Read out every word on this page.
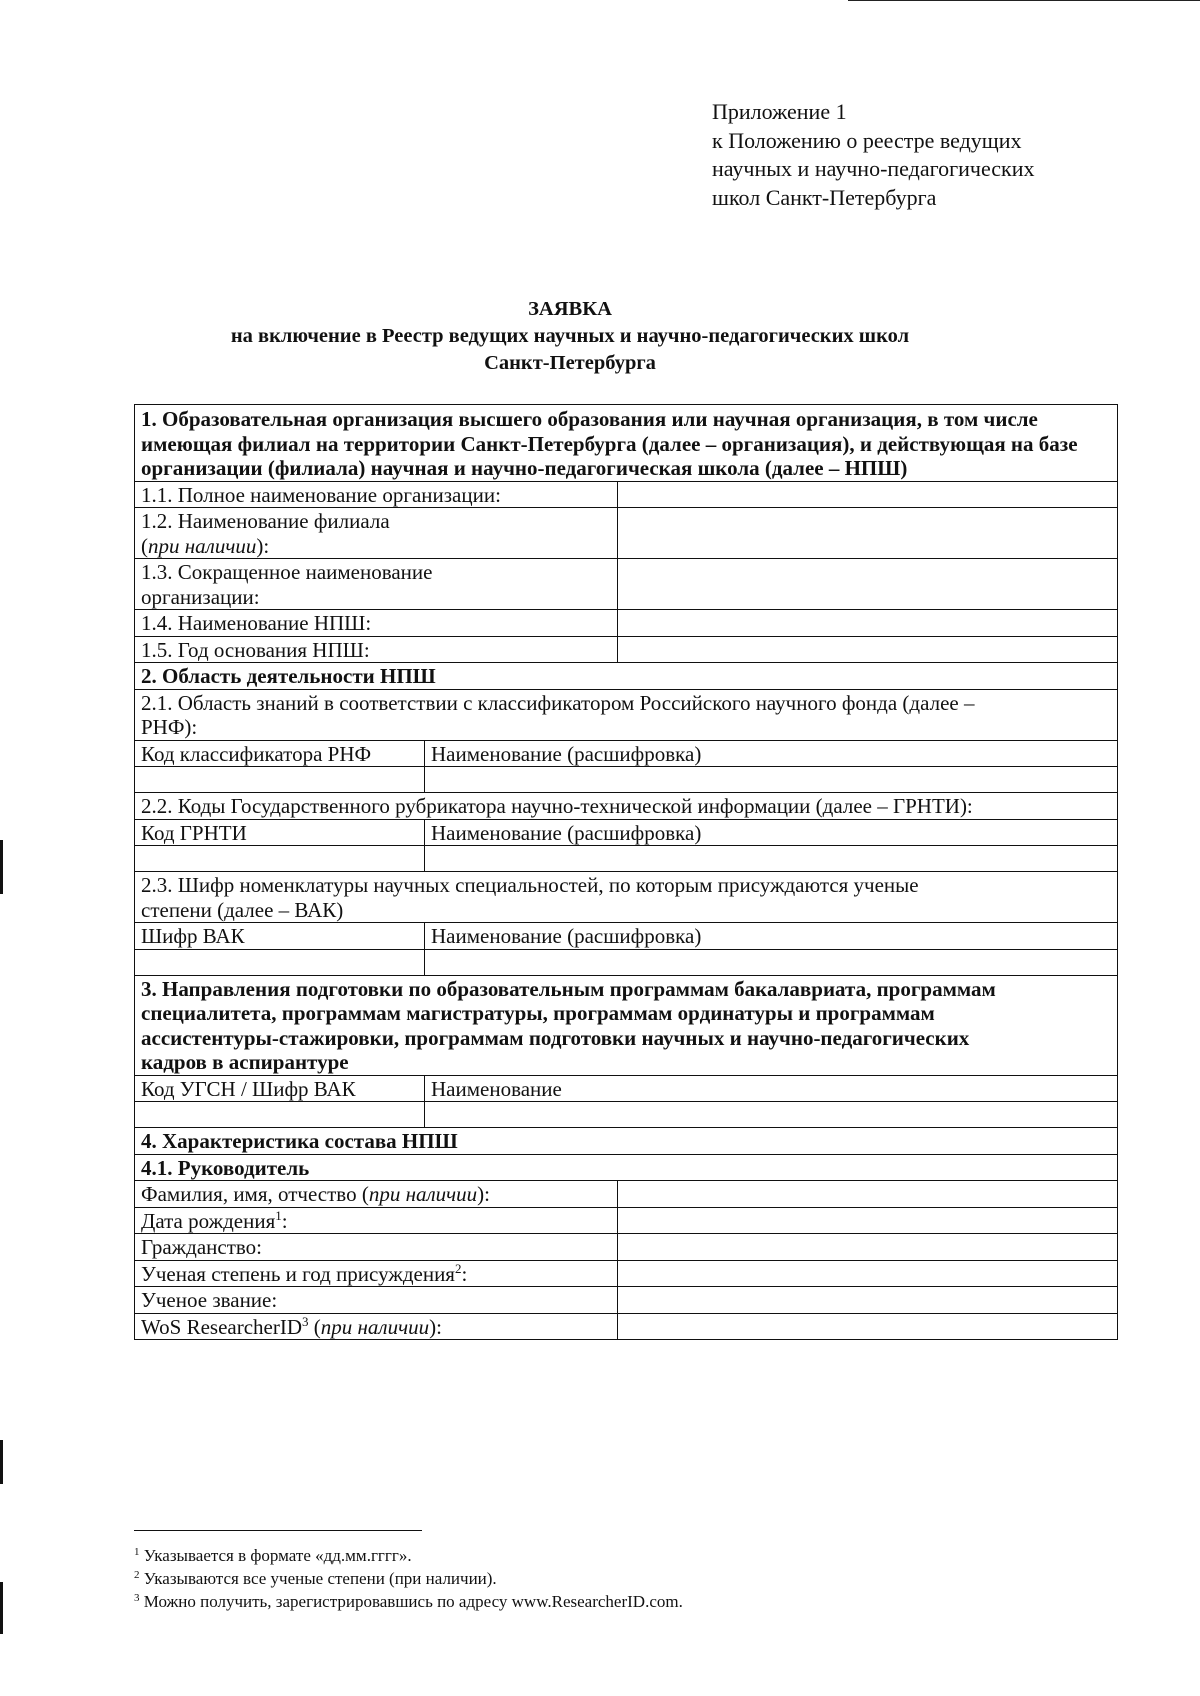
Приложение 1
к Положению о реестре ведущих
научных и научно-педагогических
школ Санкт-Петербурга
ЗАЯВКА
на включение в Реестр ведущих научных и научно-педагогических школ
Санкт-Петербурга
1. Образовательная организация высшего образования или научная организация, в том числе имеющая филиал на территории Санкт-Петербурга (далее – организация), и действующая на базе организации (филиала) научная и научно-педагогическая школа (далее – НПШ)		
1.1. Полное наименование организации:		
1.2. Наименование филиала
(при наличии):		
1.3. Сокращенное наименование организации:		
1.4. Наименование НПШ:		
1.5. Год основания НПШ:		
2. Область деятельности НПШ		
2.1. Область знаний в соответствии с классификатором Российского научного фонда (далее – РНФ):		
Код классификатора РНФ	Наименование (расшифровка)	

2.2. Коды Государственного рубрикатора научно-технической информации (далее – ГРНТИ):		
Код ГРНТИ	Наименование (расшифровка)	

2.3. Шифр номенклатуры научных специальностей, по которым присуждаются ученые степени (далее – ВАК)		
Шифр ВАК	Наименование (расшифровка)	

3. Направления подготовки по образовательным программам бакалавриата, программам специалитета, программам магистратуры, программам ординатуры и программам ассистентуры-стажировки, программам подготовки научных и научно-педагогических кадров в аспирантуре		
Код УГСН / Шифр ВАК	Наименование	

4. Характеристика состава НПШ		
4.1. Руководитель		
Фамилия, имя, отчество (при наличии):		
Дата рождения$^1$:		
Гражданство:		
Ученая степень и год присуждения$^2$:		
Ученое звание:		
WoS ResearcherID$^3$ (при наличии):		
$^1$ Указывается в формате «дд.мм.гггг».
$^2$ Указываются все ученые степени (при наличии).
$^3$ Можно получить, зарегистрировавшись по адресу www.ResearcherID.com.
